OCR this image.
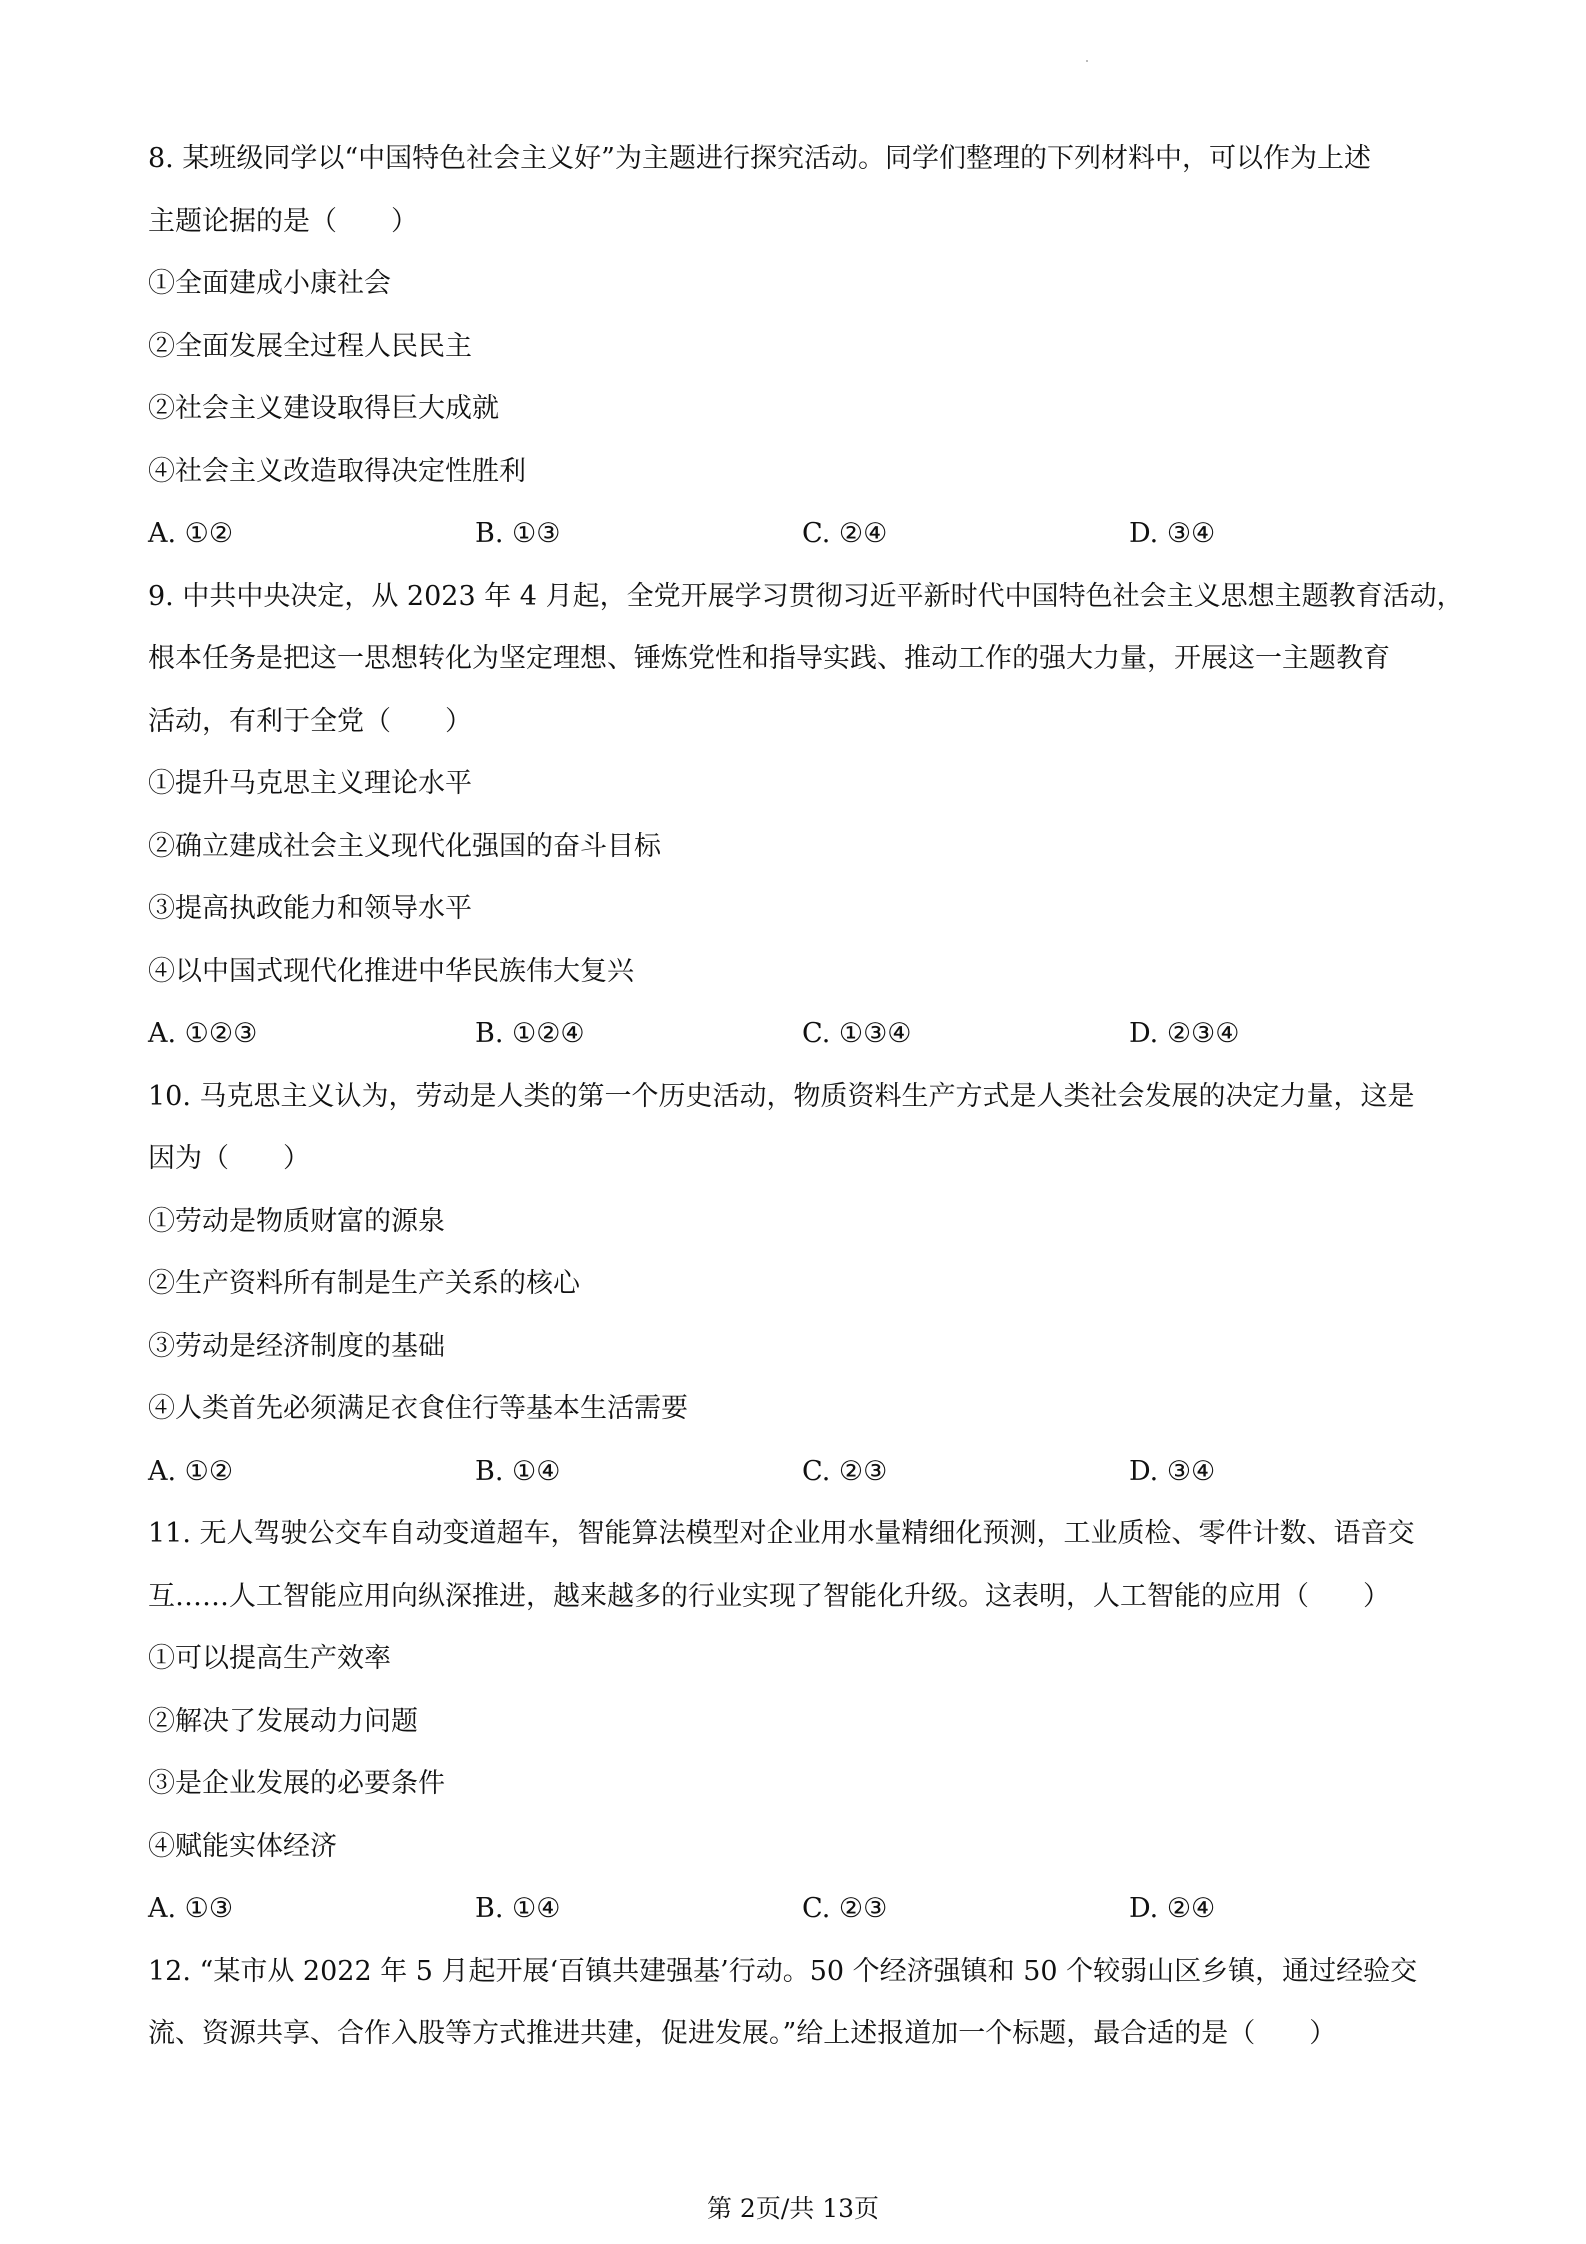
8. 某班级同学以“中国特色社会主义好”为主题进行探究活动。同学们整理的下列材料中，可以作为上述
主题论据的是（　　）
①全面建成小康社会
②全面发展全过程人民民主
②社会主义建设取得巨大成就
④社会主义改造取得决定性胜利
A. ①②	B. ①③	C. ②④	D. ③④
9. 中共中央决定，从 2023 年 4 月起，全党开展学习贯彻习近平新时代中国特色社会主义思想主题教育活动，
根本任务是把这一思想转化为坚定理想、锤炼党性和指导实践、推动工作的强大力量，开展这一主题教育
活动，有利于全党（　　）
①提升马克思主义理论水平
②确立建成社会主义现代化强国的奋斗目标
③提高执政能力和领导水平
④以中国式现代化推进中华民族伟大复兴
A. ①②③	B. ①②④	C. ①③④	D. ②③④
10. 马克思主义认为，劳动是人类的第一个历史活动，物质资料生产方式是人类社会发展的决定力量，这是
因为（　　）
①劳动是物质财富的源泉
②生产资料所有制是生产关系的核心
③劳动是经济制度的基础
④人类首先必须满足衣食住行等基本生活需要
A. ①②	B. ①④	C. ②③	D. ③④
11. 无人驾驶公交车自动变道超车，智能算法模型对企业用水量精细化预测，工业质检、零件计数、语音交
互……人工智能应用向纵深推进，越来越多的行业实现了智能化升级。这表明，人工智能的应用（　　）
①可以提高生产效率
②解决了发展动力问题
③是企业发展的必要条件
④赋能实体经济
A. ①③	B. ①④	C. ②③	D. ②④
12. “某市从 2022 年 5 月起开展‘百镇共建强基’行动。50 个经济强镇和 50 个较弱山区乡镇，通过经验交
流、资源共享、合作入股等方式推进共建，促进发展。”给上述报道加一个标题，最合适的是（　　）
第 2页/共 13页
